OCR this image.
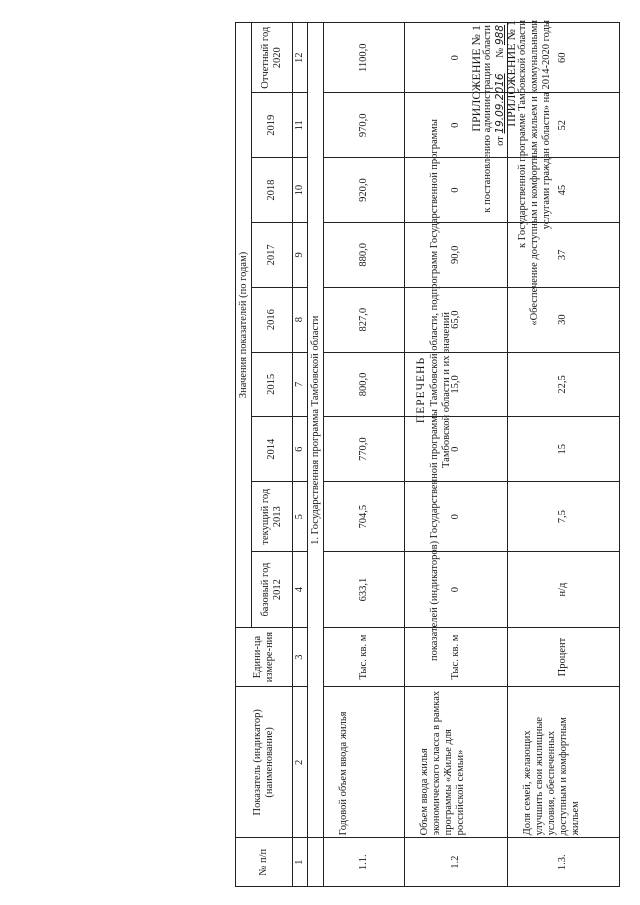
ПРИЛОЖЕНИЕ № 1 к постановлению администрации области от 19.09.2016      № 988
ПРИЛОЖЕНИЕ № 1 к Государственной программе Тамбовской области «Обеспечение доступным и комфортным жильем и коммунальными услугами граждан области» на 2014-2020 годы
ПЕРЕЧЕНЬ показателей (индикаторов) Государственной программы Тамбовской области, подпрограмм Государственной программы Тамбовской области и их значений
№ п/п	Показатель (индикатор) (наименование)	Едини-ца измере-ния	Значения показателей (по годам)								
			базовый год 2012	текущий год 2013	2014	2015	2016	2017	2018	2019	Отчетный год 2020
1	2	3	4	5	6	7	8	9	10	11	12
	1. Государственная программа Тамбовской области										
1.1.	Годовой объем ввода жилья	Тыс. кв. м	633,1	704,5	770,0	800,0	827,0	880,0	920,0	970,0	1100,0
1.2	Объем ввода жилья экономического класса в рамках программы «Жилье для российской семьи»	Тыс. кв. м	0	0	0	15,0	65,0	90,0	0	0	0
1.3.	Доля семей, желающих улучшить свои жилищные условия, обеспеченных доступным и комфортным жильем	Процент	н/д	7,5	15	22,5	30	37	45	52	60
